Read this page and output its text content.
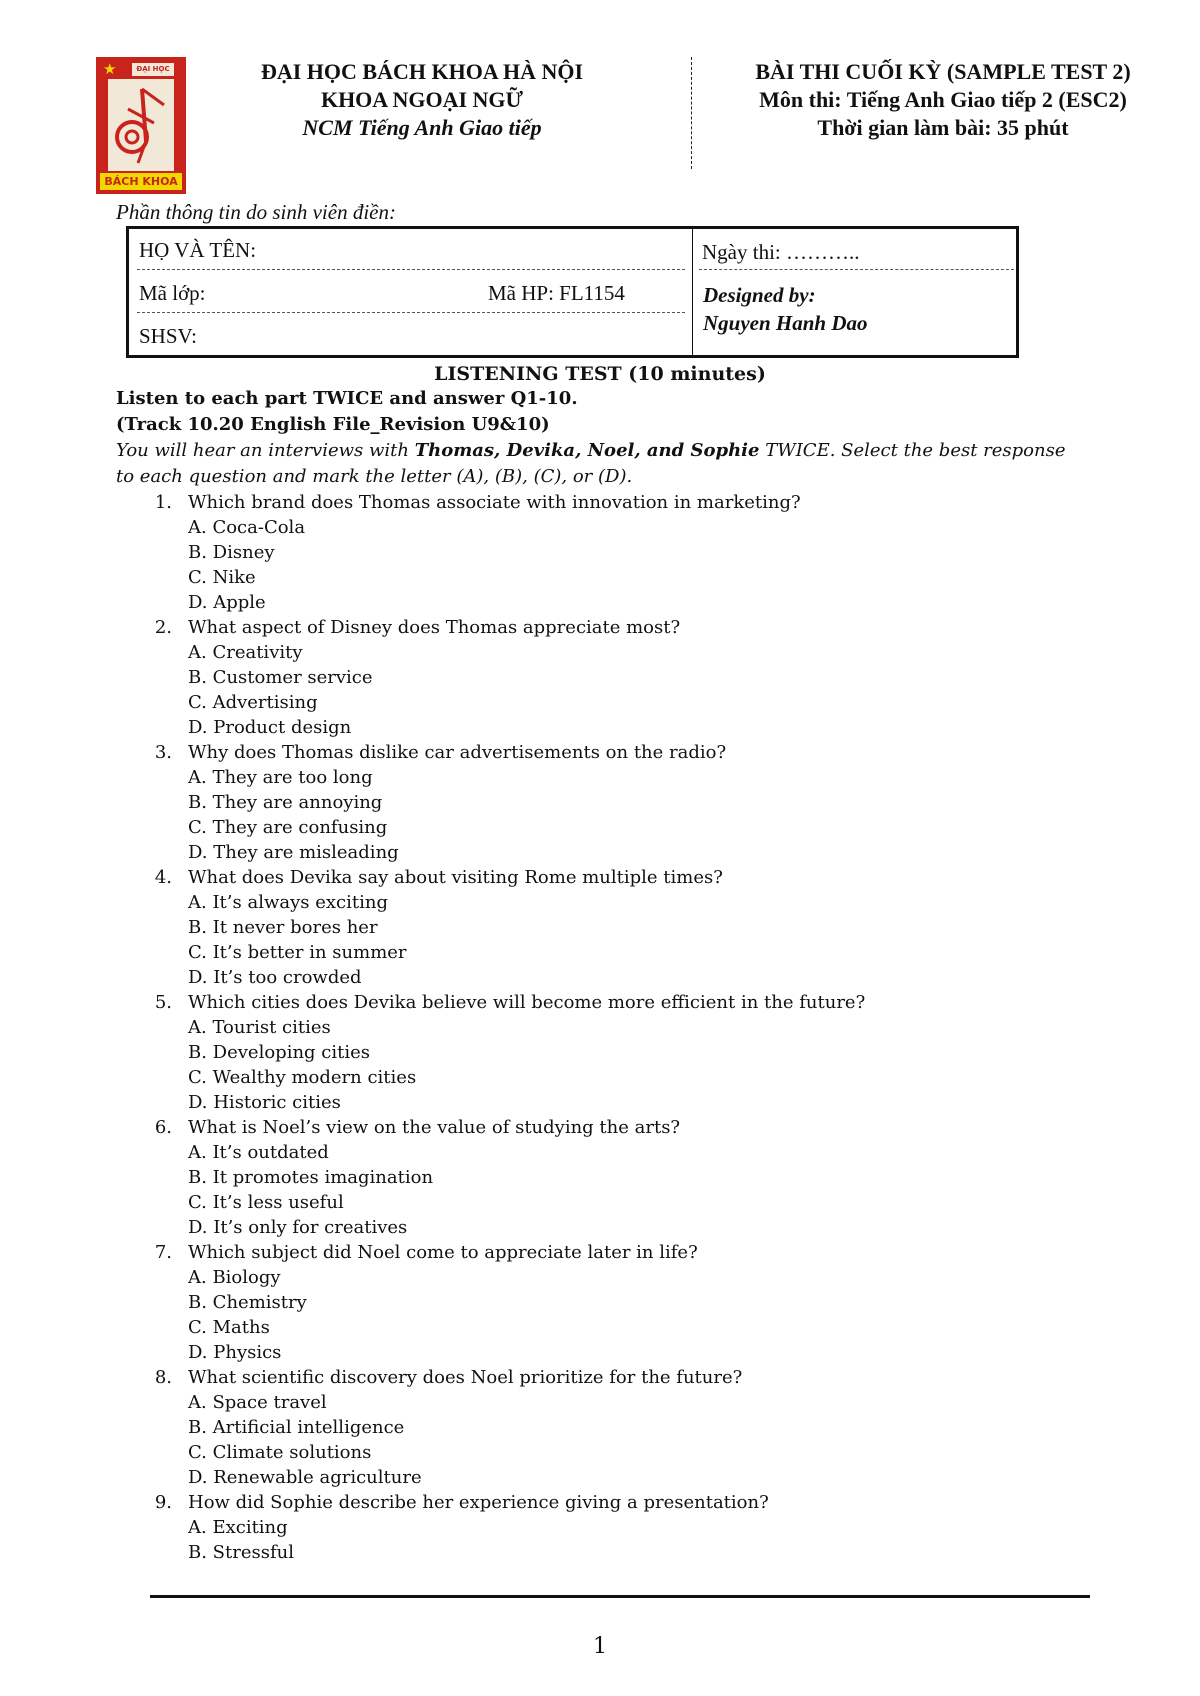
★	ĐẠI HỌC
BÁCH KHOA
ĐẠI HỌC BÁCH KHOA HÀ NỘI
KHOA NGOẠI NGỮ
NCM Tiếng Anh Giao tiếp
BÀI THI CUỐI KỲ (SAMPLE TEST 2)
Môn thi: Tiếng Anh Giao tiếp 2 (ESC2)
Thời gian làm bài: 35 phút
Phần thông tin do sinh viên điền:
HỌ VÀ TÊN:	Ngày thi: ………..
Mã lớp:	Mã HP: FL1154
SHSV:
Designed by:
Nguyen Hanh Dao
LISTENING TEST (10 minutes)
Listen to each part TWICE and answer Q1-10.
(Track 10.20 English File_Revision U9&10)
You will hear an interviews with Thomas, Devika, Noel, and Sophie TWICE. Select the best response to each question and mark the letter (A), (B), (C), or (D).
1. Which brand does Thomas associate with innovation in marketing?
A. Coca-Cola
B. Disney
C. Nike
D. Apple
2. What aspect of Disney does Thomas appreciate most?
A. Creativity
B. Customer service
C. Advertising
D. Product design
3. Why does Thomas dislike car advertisements on the radio?
A. They are too long
B. They are annoying
C. They are confusing
D. They are misleading
4. What does Devika say about visiting Rome multiple times?
A. It’s always exciting
B. It never bores her
C. It’s better in summer
D. It’s too crowded
5. Which cities does Devika believe will become more efficient in the future?
A. Tourist cities
B. Developing cities
C. Wealthy modern cities
D. Historic cities
6. What is Noel’s view on the value of studying the arts?
A. It’s outdated
B. It promotes imagination
C. It’s less useful
D. It’s only for creatives
7. Which subject did Noel come to appreciate later in life?
A. Biology
B. Chemistry
C. Maths
D. Physics
8. What scientific discovery does Noel prioritize for the future?
A. Space travel
B. Artificial intelligence
C. Climate solutions
D. Renewable agriculture
9. How did Sophie describe her experience giving a presentation?
A. Exciting
B. Stressful
1
